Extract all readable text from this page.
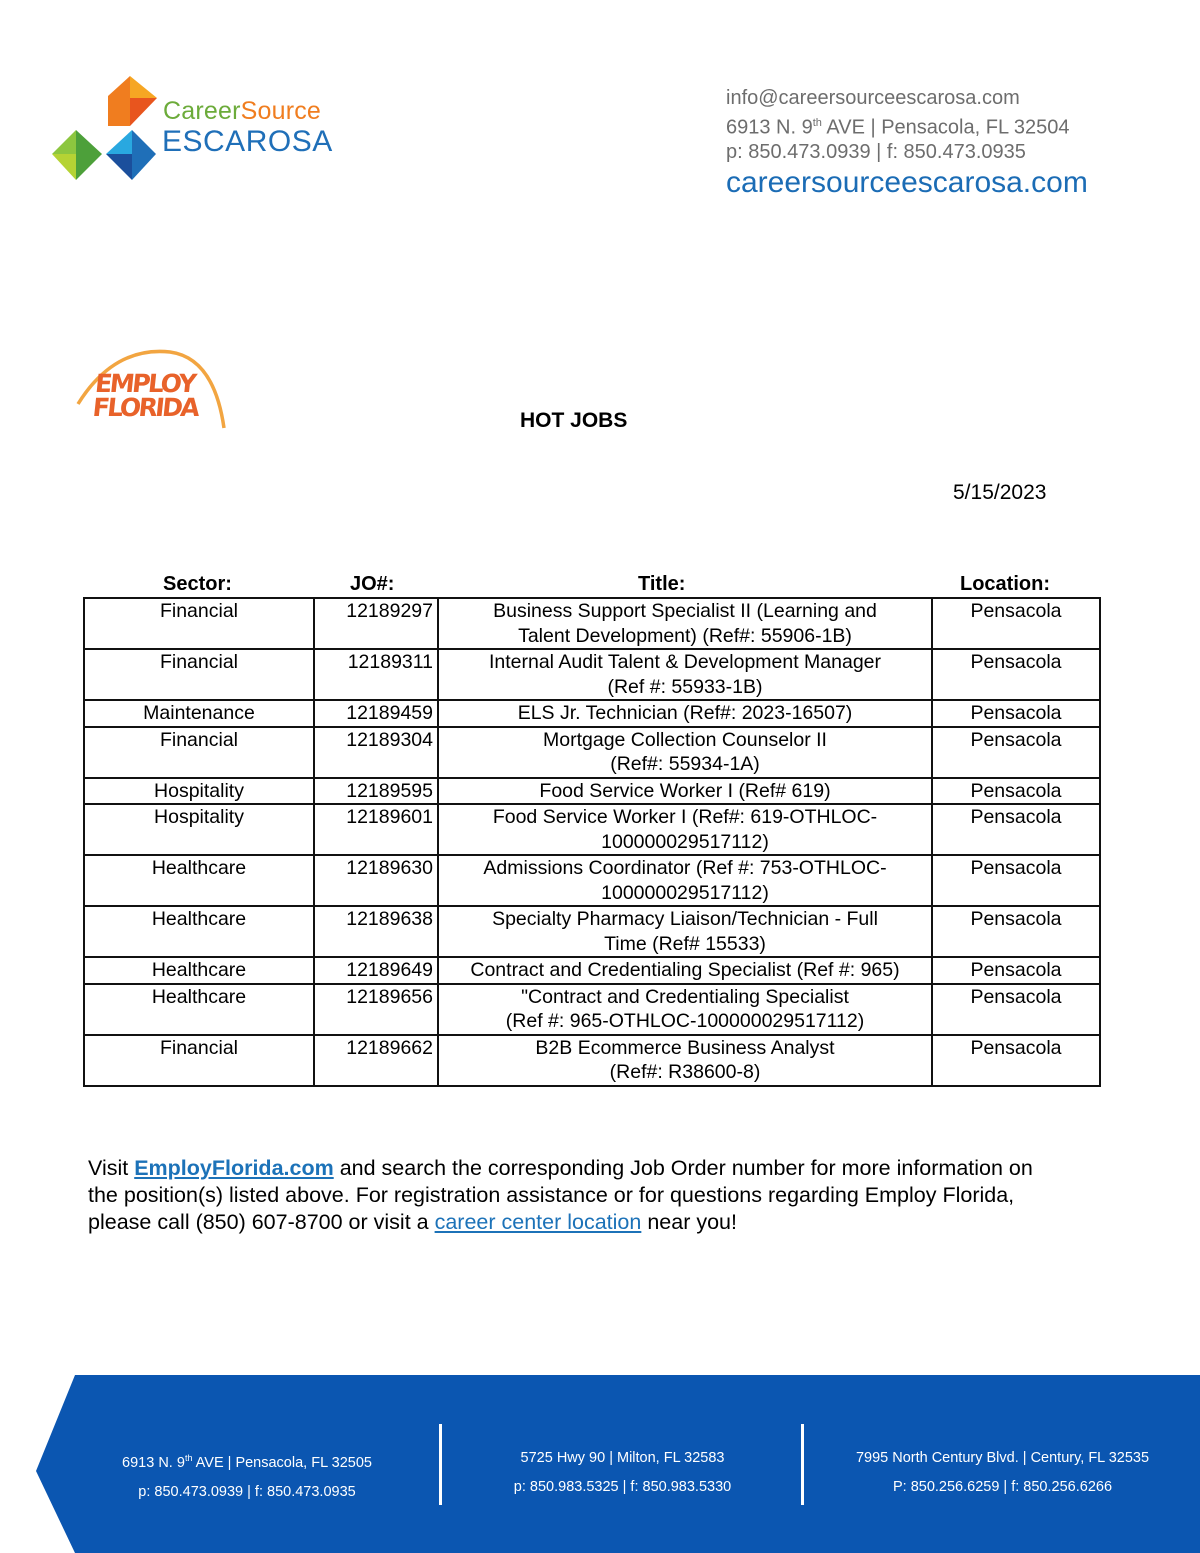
CareerSource
ESCAROSA
info@careersourceescarosa.com
6913 N. 9th AVE | Pensacola, FL 32504
p: 850.473.0939 | f: 850.473.0935
careersourceescarosa.com
EMPLOY
FLORIDA	HOT JOBS
5/15/2023
Sector:	JO#:	Title:	Location:
Financial	12189297	Business Support Specialist II (Learning and
Talent Development) (Ref#: 55906-1B)	Pensacola
Financial	12189311	Internal Audit Talent & Development Manager
(Ref #: 55933-1B)	Pensacola
Maintenance	12189459	ELS Jr. Technician (Ref#: 2023-16507)	Pensacola
Financial	12189304	Mortgage Collection Counselor II
(Ref#: 55934-1A)	Pensacola
Hospitality	12189595	Food Service Worker I (Ref# 619)	Pensacola
Hospitality	12189601	Food Service Worker I (Ref#: 619-OTHLOC-
100000029517112)	Pensacola
Healthcare	12189630	Admissions Coordinator (Ref #: 753-OTHLOC-
100000029517112)	Pensacola
Healthcare	12189638	Specialty Pharmacy Liaison/Technician - Full
Time (Ref# 15533)	Pensacola
Healthcare	12189649	Contract and Credentialing Specialist (Ref #: 965)	Pensacola
Healthcare	12189656	"Contract and Credentialing Specialist
(Ref #: 965-OTHLOC-100000029517112)	Pensacola
Financial	12189662	B2B Ecommerce Business Analyst
(Ref#: R38600-8)	Pensacola
Visit EmployFlorida.com and search the corresponding Job Order number for more information on the position(s) listed above. For registration assistance or for questions regarding Employ Florida, please call (850) 607-8700 or visit a career center location near you!
6913 N. 9th AVE | Pensacola, FL 32505
p: 850.473.0939 | f: 850.473.0935
5725 Hwy 90 | Milton, FL 32583
p: 850.983.5325 | f: 850.983.5330
7995 North Century Blvd. | Century, FL 32535
P: 850.256.6259 | f: 850.256.6266
